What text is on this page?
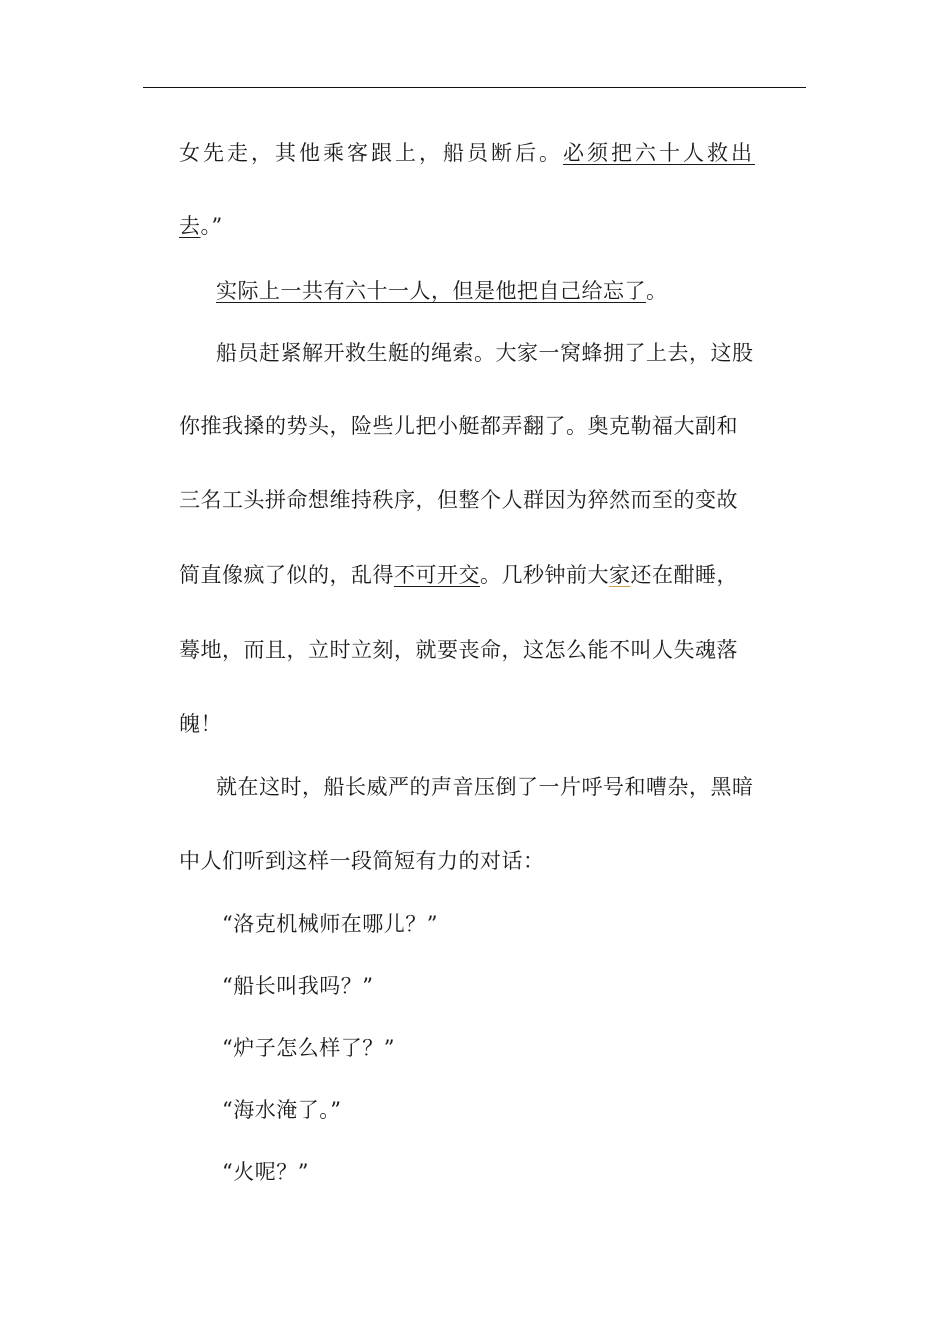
女先走，其他乘客跟上，船员断后。必须把六十人救出
去。”
实际上一共有六十一人，但是他把自己给忘了。
船员赶紧解开救生艇的绳索。大家一窝蜂拥了上去，这股
你推我搡的势头，险些儿把小艇都弄翻了。奥克勒福大副和
三名工头拼命想维持秩序，但整个人群因为猝然而至的变故
简直像疯了似的，乱得不可开交。几秒钟前大家还在酣睡，
蓦地，而且，立时立刻，就要丧命，这怎么能不叫人失魂落
魄！
就在这时，船长威严的声音压倒了一片呼号和嘈杂，黑暗
中人们听到这样一段简短有力的对话：
“洛克机械师在哪儿？”
“船长叫我吗？”
“炉子怎么样了？”
“海水淹了。”
“火呢？”
